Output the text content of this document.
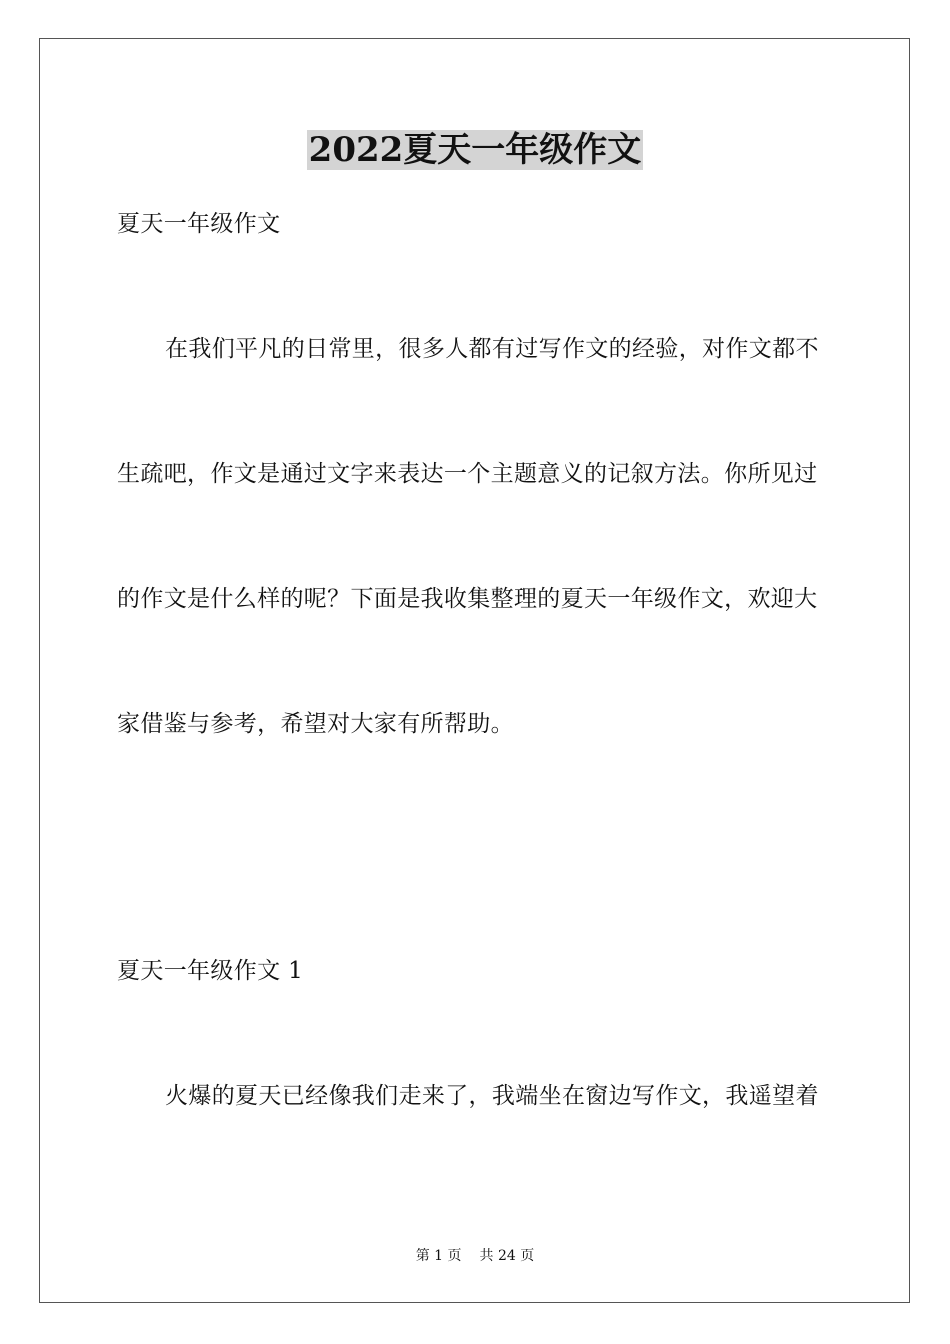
2022夏天一年级作文
夏天一年级作文
在我们平凡的日常里，很多人都有过写作文的经验，对作文都不
生疏吧，作文是通过文字来表达一个主题意义的记叙方法。你所见过
的作文是什么样的呢？下面是我收集整理的夏天一年级作文，欢迎大
家借鉴与参考，希望对大家有所帮助。
夏天一年级作文 1
火爆的夏天已经像我们走来了，我端坐在窗边写作文，我遥望着
第 1 页 共 24 页
